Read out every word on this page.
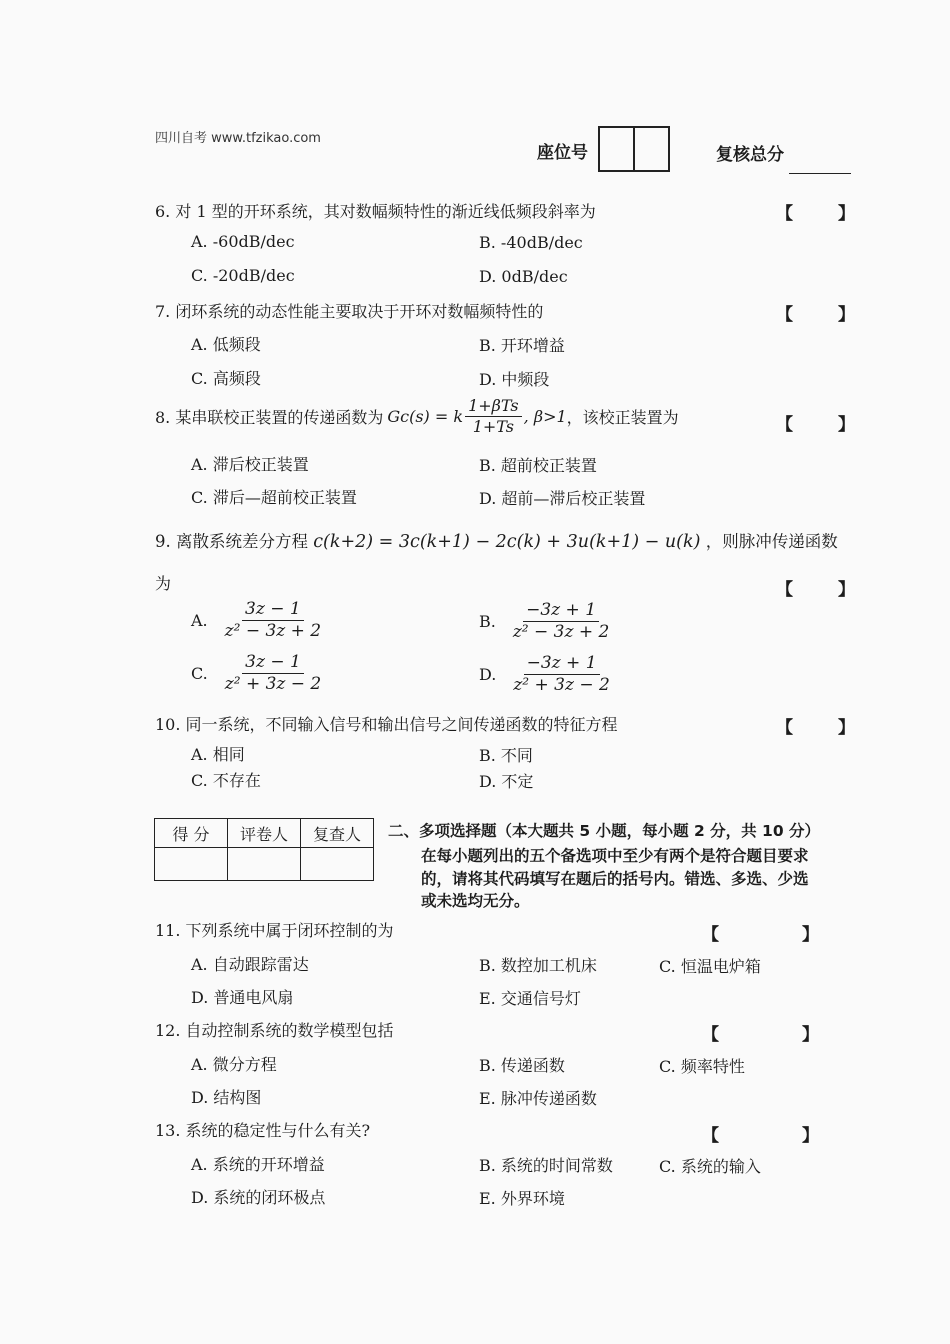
四川自考 www.tfzikao.com
座位号	复核总分
6. 对 1 型的开环系统，其对数幅频特性的渐近线低频段斜率为	【	】
A. -60dB/dec	B. -40dB/dec
C. -20dB/dec	D. 0dB/dec
7. 闭环系统的动态性能主要取决于开环对数幅频特性的	【	】
A. 低频段	B. 开环增益
C. 高频段	D. 中频段
8. 某串联校正装置的传递函数为 Gc(s) = k $\frac{\text{1+βTs}}{1+Ts}$ , β>1 ，该校正装置为	【	】
A. 滞后校正装置	B. 超前校正装置
C. 滞后—超前校正装置	D. 超前—滞后校正装置
9. 离散系统差分方程 c(k+2) = 3c(k+1) − 2c(k) + 3u(k+1) − u(k) ，则脉冲传递函数
为	【	】
A. $\frac{3z - 1}{\text{z² − 3z + 2}}$	B. $\frac{-3z + 1}{\text{z² − 3z + 2}}$
C. $\frac{3z - 1}{\text{z² + 3z − 2}}$	D. $\frac{-3z + 1}{\text{z² + 3z − 2}}$
10. 同一系统，不同输入信号和输出信号之间传递函数的特征方程	【	】
A. 相同	B. 不同
C. 不存在	D. 不定
得 分	评卷人	复查人
		二、多项选择题（本大题共 5 小题，每小题 2 分，共 10 分）
在每小题列出的五个备选项中至少有两个是符合题目要求
的，请将其代码填写在题后的括号内。错选、多选、少选
或未选均无分。
11. 下列系统中属于闭环控制的为	【	】
A. 自动跟踪雷达	B. 数控加工机床	C. 恒温电炉箱
D. 普通电风扇	E. 交通信号灯
12. 自动控制系统的数学模型包括	【	】
A. 微分方程	B. 传递函数	C. 频率特性
D. 结构图	E. 脉冲传递函数
13. 系统的稳定性与什么有关?	【	】
A. 系统的开环增益	B. 系统的时间常数	C. 系统的输入
D. 系统的闭环极点	E. 外界环境
